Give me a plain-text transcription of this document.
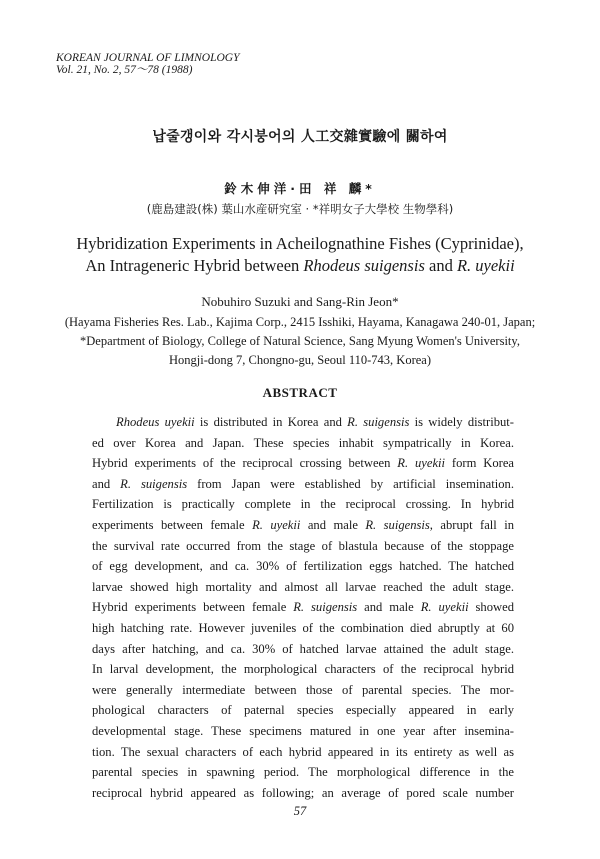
KOREAN JOURNAL OF LIMNOLOGY
Vol. 21, No. 2, 57～78 (1988)
납줄갱이와 각시붕어의 人工交雜實驗에 關하여
鈴木伸洋·田 祥 麟*
(鹿島建設(株) 葉山水産研究室 · *祥明女子大學校 生物學科)
Hybridization Experiments in Acheilognathine Fishes (Cyprinidae),
An Intrageneric Hybrid between Rhodeus suigensis and R. uyekii
Nobuhiro Suzuki and Sang-Rin Jeon*
(Hayama Fisheries Res. Lab., Kajima Corp., 2415 Isshiki, Hayama, Kanagawa 240-01, Japan;
*Department of Biology, College of Natural Science, Sang Myung Women's University,
Hongji-dong 7, Chongno-gu, Seoul 110-743, Korea)
ABSTRACT
Rhodeus uyekii is distributed in Korea and R. suigensis is widely distribut-
ed over Korea and Japan. These species inhabit sympatrically in Korea.
Hybrid experiments of the reciprocal crossing between R. uyekii form Korea
and R. suigensis from Japan were established by artificial insemination.
Fertilization is practically complete in the reciprocal crossing. In hybrid
experiments between female R. uyekii and male R. suigensis, abrupt fall in
the survival rate occurred from the stage of blastula because of the stoppage
of egg development, and ca. 30% of fertilization eggs hatched. The hatched
larvae showed high mortality and almost all larvae reached the adult stage.
Hybrid experiments between female R. suigensis and male R. uyekii showed
high hatching rate. However juveniles of the combination died abruptly at 60
days after hatching, and ca. 30% of hatched larvae attained the adult stage.
In larval development, the morphological characters of the reciprocal hybrid
were generally intermediate between those of parental species. The mor-
phological characters of paternal species especially appeared in early
developmental stage. These specimens matured in one year after insemina-
tion. The sexual characters of each hybrid appeared in its entirety as well as
parental species in spawning period. The morphological difference in the
reciprocal hybrid appeared as following; an average of pored scale number
57
